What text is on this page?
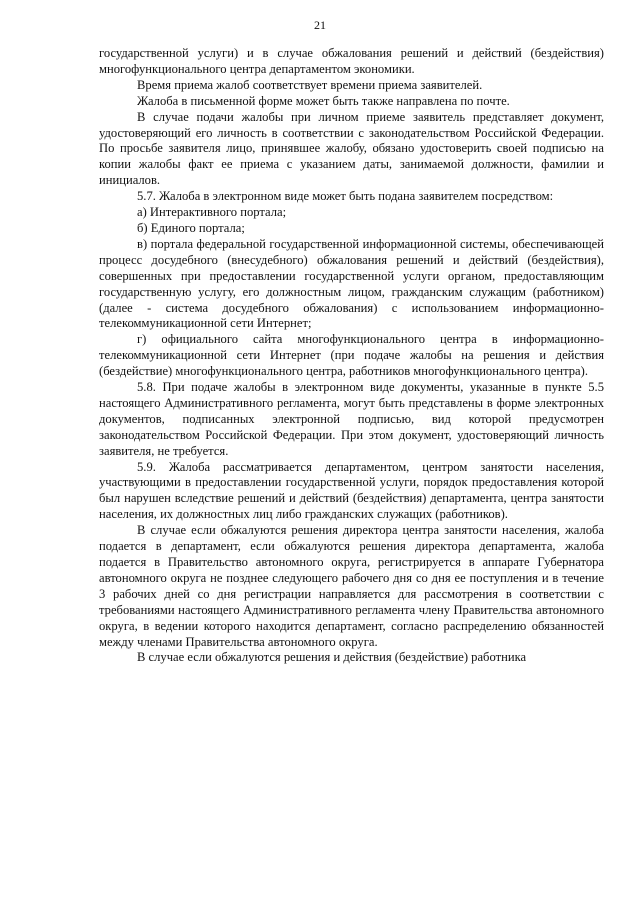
21

государственной услуги) и в случае обжалования решений и действий (бездействия) многофункционального центра департаментом экономики.

Время приема жалоб соответствует времени приема заявителей.

Жалоба в письменной форме может быть также направлена по почте.

В случае подачи жалобы при личном приеме заявитель представляет документ, удостоверяющий его личность в соответствии с законодательством Российской Федерации. По просьбе заявителя лицо, принявшее жалобу, обязано удостоверить своей подписью на копии жалобы факт ее приема с указанием даты, занимаемой должности, фамилии и инициалов.

5.7. Жалоба в электронном виде может быть подана заявителем посредством:

а) Интерактивного портала;

б) Единого портала;

в) портала федеральной государственной информационной системы, обеспечивающей процесс досудебного (внесудебного) обжалования решений и действий (бездействия), совершенных при предоставлении государственной услуги органом, предоставляющим государственную услугу, его должностным лицом, гражданским служащим (работником) (далее - система досудебного обжалования) с использованием информационно-телекоммуникационной сети Интернет;

г) официального сайта многофункционального центра в информационно-телекоммуникационной сети Интернет (при подаче жалобы на решения и действия (бездействие) многофункционального центра, работников многофункционального центра).

5.8. При подаче жалобы в электронном виде документы, указанные в пункте 5.5 настоящего Административного регламента, могут быть представлены в форме электронных документов, подписанных электронной подписью, вид которой предусмотрен законодательством Российской Федерации. При этом документ, удостоверяющий личность заявителя, не требуется.

5.9. Жалоба рассматривается департаментом, центром занятости населения, участвующими в предоставлении государственной услуги, порядок предоставления которой был нарушен вследствие решений и действий (бездействия) департамента, центра занятости населения, их должностных лиц либо гражданских служащих (работников).

В случае если обжалуются решения директора центра занятости населения, жалоба подается в департамент, если обжалуются решения директора департамента, жалоба подается в Правительство автономного округа, регистрируется в аппарате Губернатора автономного округа не позднее следующего рабочего дня со дня ее поступления и в течение 3 рабочих дней со дня регистрации направляется для рассмотрения в соответствии с требованиями настоящего Административного регламента члену Правительства автономного округа, в ведении которого находится департамент, согласно распределению обязанностей между членами Правительства автономного округа.

В случае если обжалуются решения и действия (бездействие) работника
